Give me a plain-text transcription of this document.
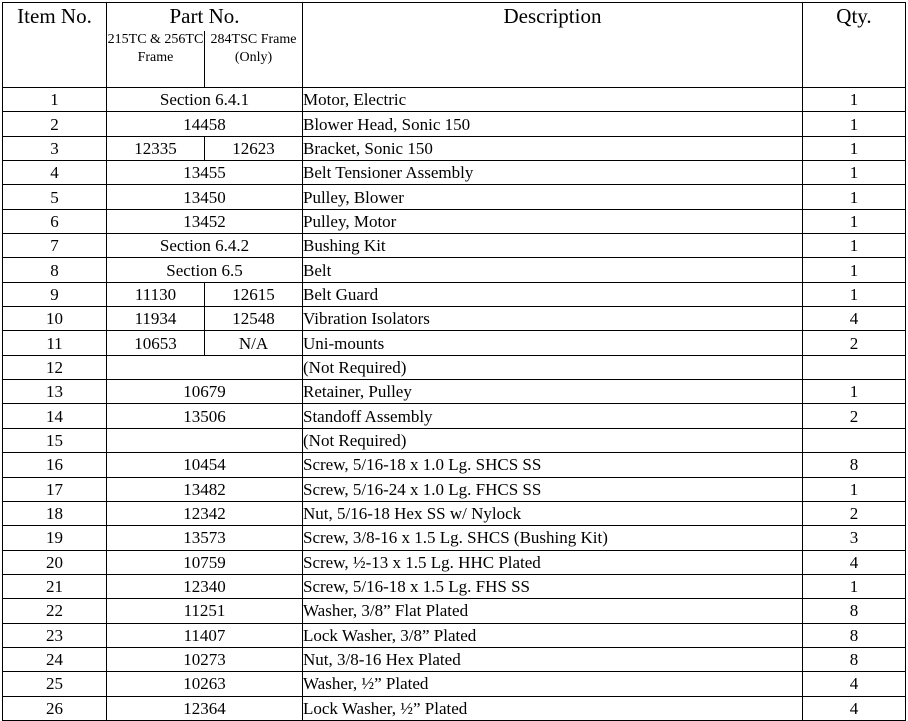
Item No.	Part No.		Description	Qty.
	215TC & 256TC Frame	284TSC Frame (Only)		
1	Section 6.4.1		Motor, Electric	1
2	14458		Blower Head, Sonic 150	1
3	12335	12623	Bracket, Sonic 150	1
4	13455		Belt Tensioner Assembly	1
5	13450		Pulley, Blower	1
6	13452		Pulley, Motor	1
7	Section 6.4.2		Bushing Kit	1
8	Section 6.5		Belt	1
9	11130	12615	Belt Guard	1
10	11934	12548	Vibration Isolators	4
11	10653	N/A	Uni-mounts	2
12			(Not Required)	
13	10679		Retainer, Pulley	1
14	13506		Standoff Assembly	2
15			(Not Required)	
16	10454		Screw, 5/16-18 x 1.0 Lg. SHCS SS	8
17	13482		Screw, 5/16-24 x 1.0 Lg. FHCS SS	1
18	12342		Nut, 5/16-18 Hex SS w/ Nylock	2
19	13573		Screw, 3/8-16 x 1.5 Lg. SHCS (Bushing Kit)	3
20	10759		Screw, ½-13 x 1.5 Lg. HHC Plated	4
21	12340		Screw, 5/16-18 x 1.5 Lg. FHS SS	1
22	11251		Washer, 3/8” Flat Plated	8
23	11407		Lock Washer, 3/8” Plated	8
24	10273		Nut, 3/8-16 Hex Plated	8
25	10263		Washer, ½” Plated	4
26	12364		Lock Washer, ½” Plated	4
